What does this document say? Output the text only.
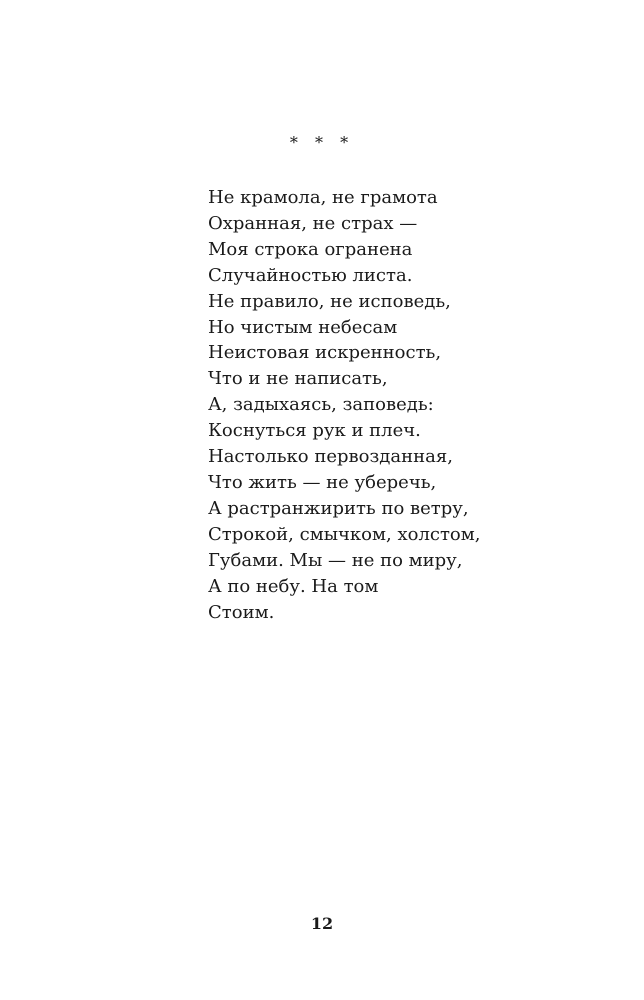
* * *
Не крамола, не грамота
Охранная, не страх —
Моя строка огранена
Случайностью листа.
Не правило, не исповедь,
Но чистым небесам
Неистовая искренность,
Что и не написать,
А, задыхаясь, заповедь:
Коснуться рук и плеч.
Настолько первозданная,
Что жить — не уберечь,
А растранжирить по ветру,
Строкой, смычком, холстом,
Губами. Мы — не по миру,
А по небу. На том
Стоим.
12
